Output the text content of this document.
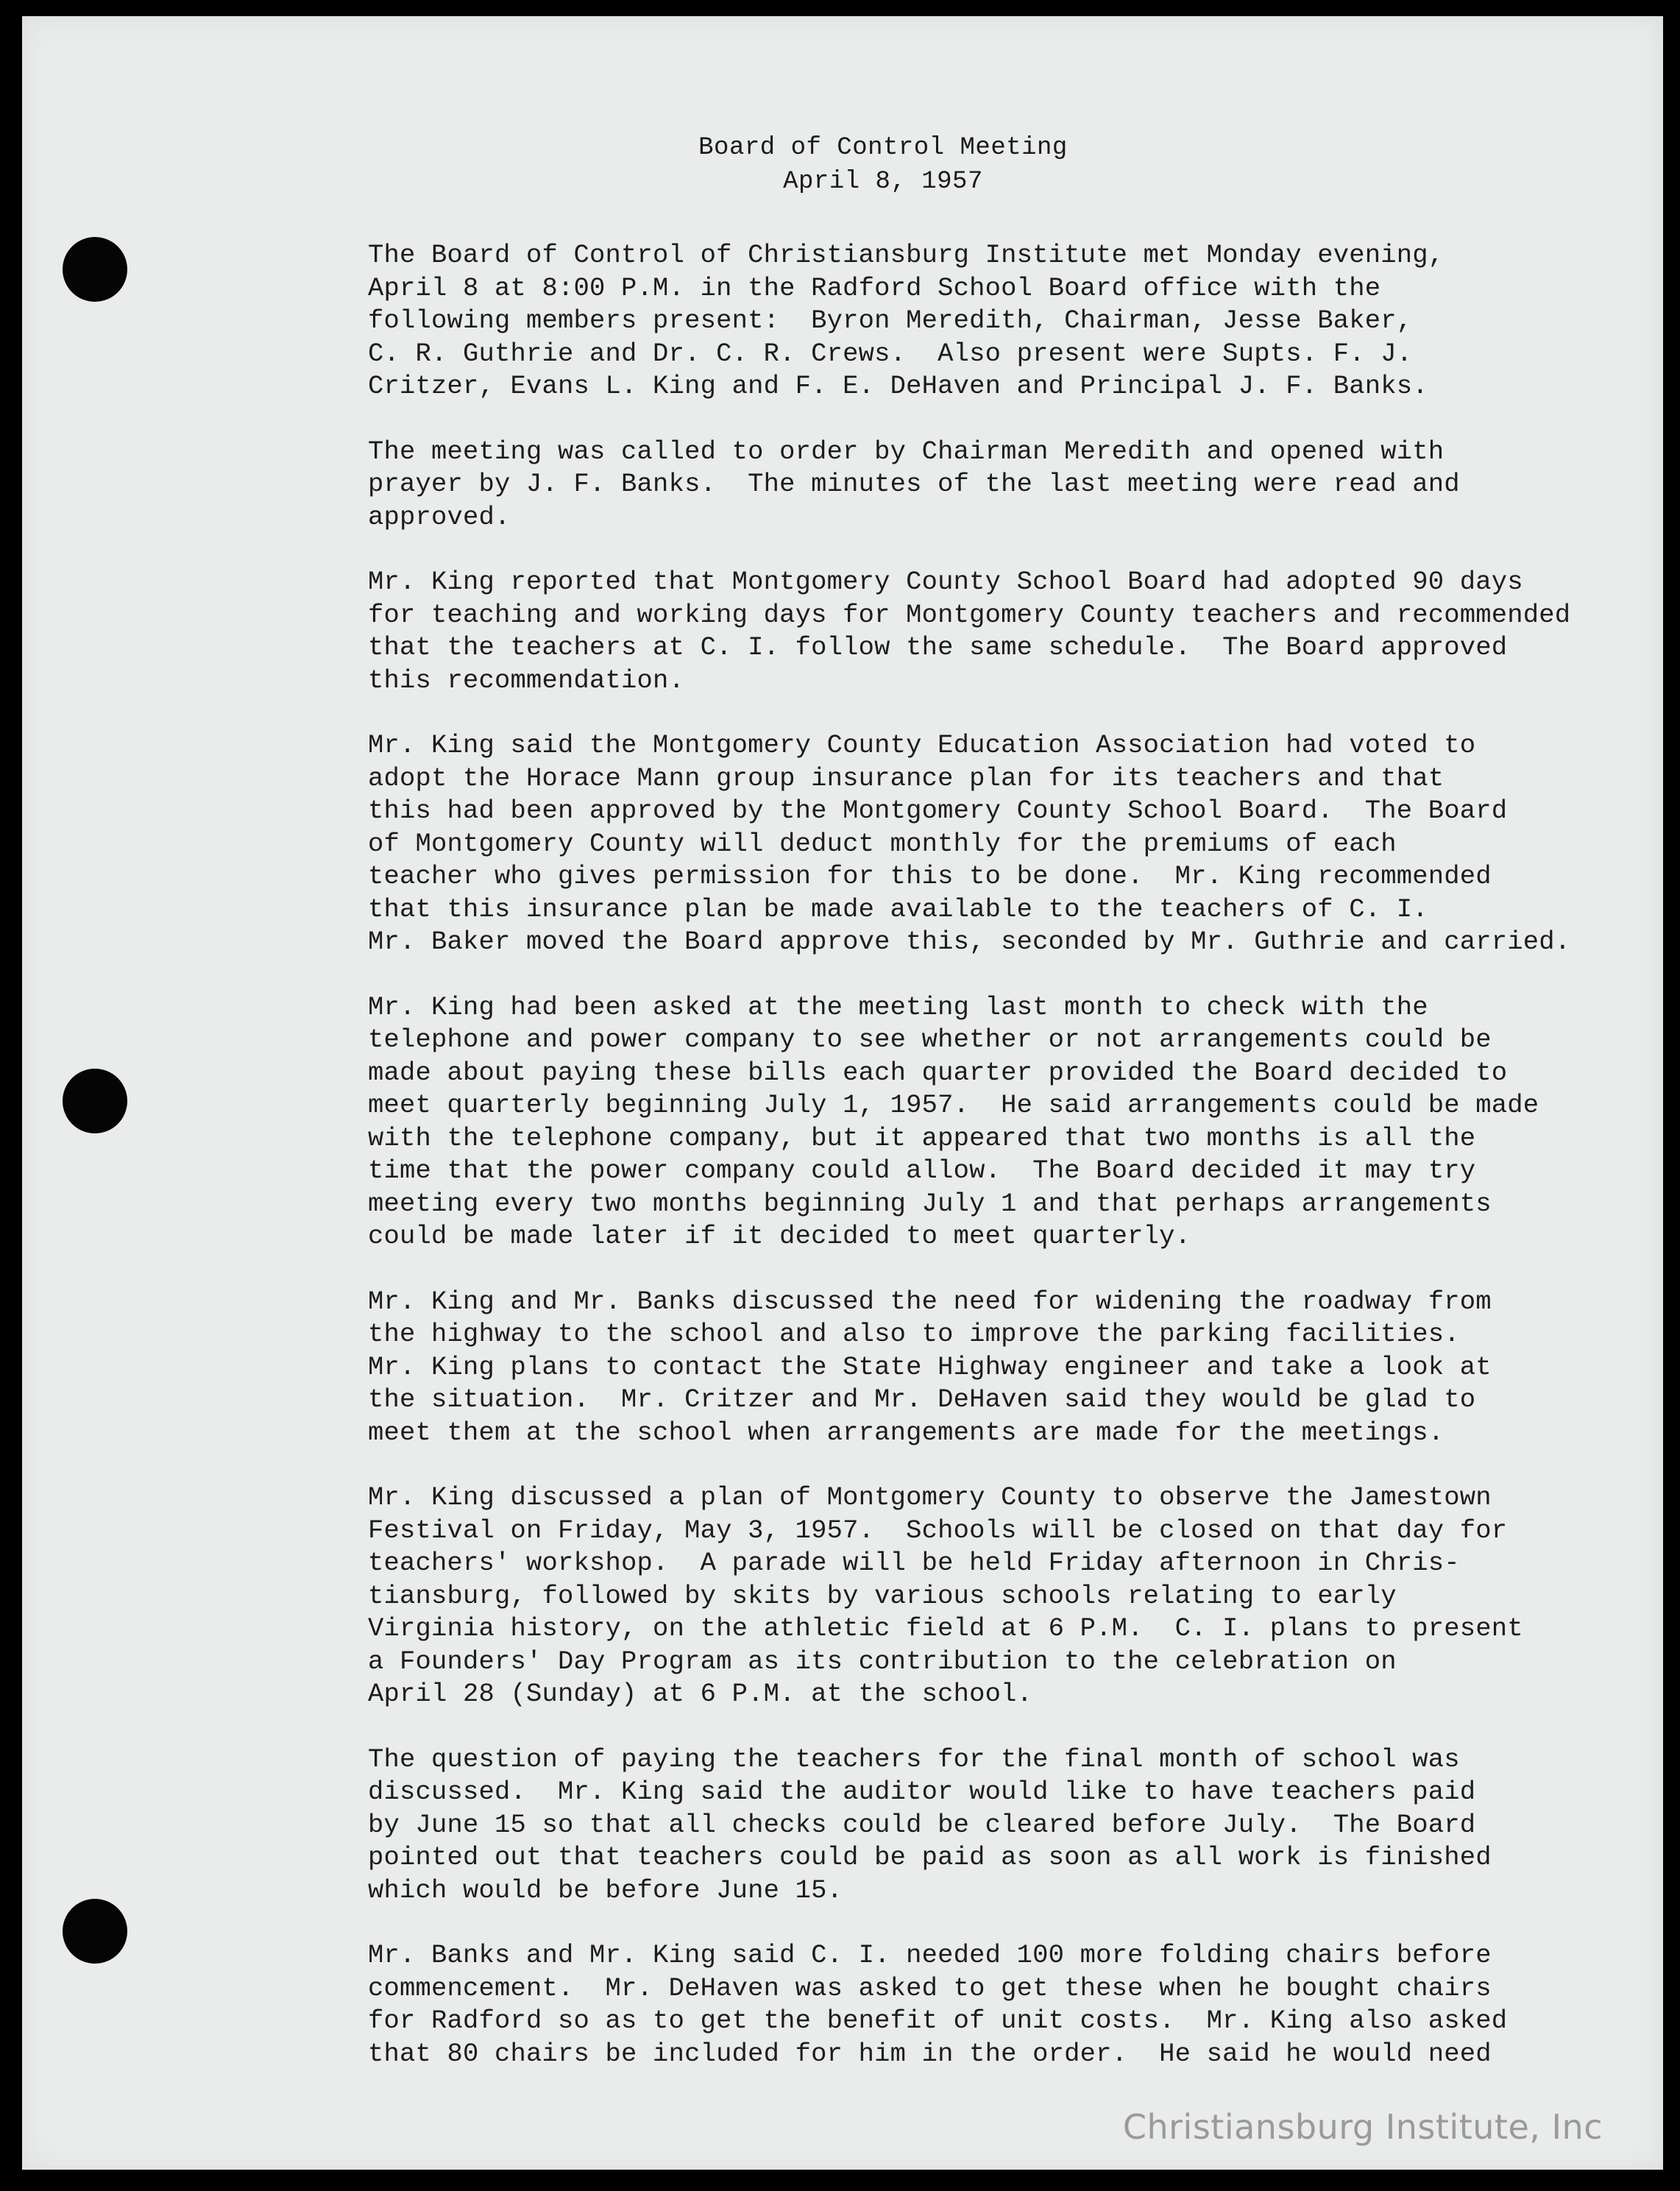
Board of Control Meeting
April 8, 1957
The Board of Control of Christiansburg Institute met Monday evening,
April 8 at 8:00 P.M. in the Radford School Board office with the
following members present:  Byron Meredith, Chairman, Jesse Baker,
C. R. Guthrie and Dr. C. R. Crews.  Also present were Supts. F. J.
Critzer, Evans L. King and F. E. DeHaven and Principal J. F. Banks.
The meeting was called to order by Chairman Meredith and opened with
prayer by J. F. Banks.  The minutes of the last meeting were read and
approved.
Mr. King reported that Montgomery County School Board had adopted 90 days
for teaching and working days for Montgomery County teachers and recommended
that the teachers at C. I. follow the same schedule.  The Board approved
this recommendation.
Mr. King said the Montgomery County Education Association had voted to
adopt the Horace Mann group insurance plan for its teachers and that
this had been approved by the Montgomery County School Board.  The Board
of Montgomery County will deduct monthly for the premiums of each
teacher who gives permission for this to be done.  Mr. King recommended
that this insurance plan be made available to the teachers of C. I.
Mr. Baker moved the Board approve this, seconded by Mr. Guthrie and carried.
Mr. King had been asked at the meeting last month to check with the
telephone and power company to see whether or not arrangements could be
made about paying these bills each quarter provided the Board decided to
meet quarterly beginning July 1, 1957.  He said arrangements could be made
with the telephone company, but it appeared that two months is all the
time that the power company could allow.  The Board decided it may try
meeting every two months beginning July 1 and that perhaps arrangements
could be made later if it decided to meet quarterly.
Mr. King and Mr. Banks discussed the need for widening the roadway from
the highway to the school and also to improve the parking facilities.
Mr. King plans to contact the State Highway engineer and take a look at
the situation.  Mr. Critzer and Mr. DeHaven said they would be glad to
meet them at the school when arrangements are made for the meetings.
Mr. King discussed a plan of Montgomery County to observe the Jamestown
Festival on Friday, May 3, 1957.  Schools will be closed on that day for
teachers' workshop.  A parade will be held Friday afternoon in Chris-
tiansburg, followed by skits by various schools relating to early
Virginia history, on the athletic field at 6 P.M.  C. I. plans to present
a Founders' Day Program as its contribution to the celebration on
April 28 (Sunday) at 6 P.M. at the school.
The question of paying the teachers for the final month of school was
discussed.  Mr. King said the auditor would like to have teachers paid
by June 15 so that all checks could be cleared before July.  The Board
pointed out that teachers could be paid as soon as all work is finished
which would be before June 15.
Mr. Banks and Mr. King said C. I. needed 100 more folding chairs before
commencement.  Mr. DeHaven was asked to get these when he bought chairs
for Radford so as to get the benefit of unit costs.  Mr. King also asked
that 80 chairs be included for him in the order.  He said he would need
Christiansburg Institute, Inc
